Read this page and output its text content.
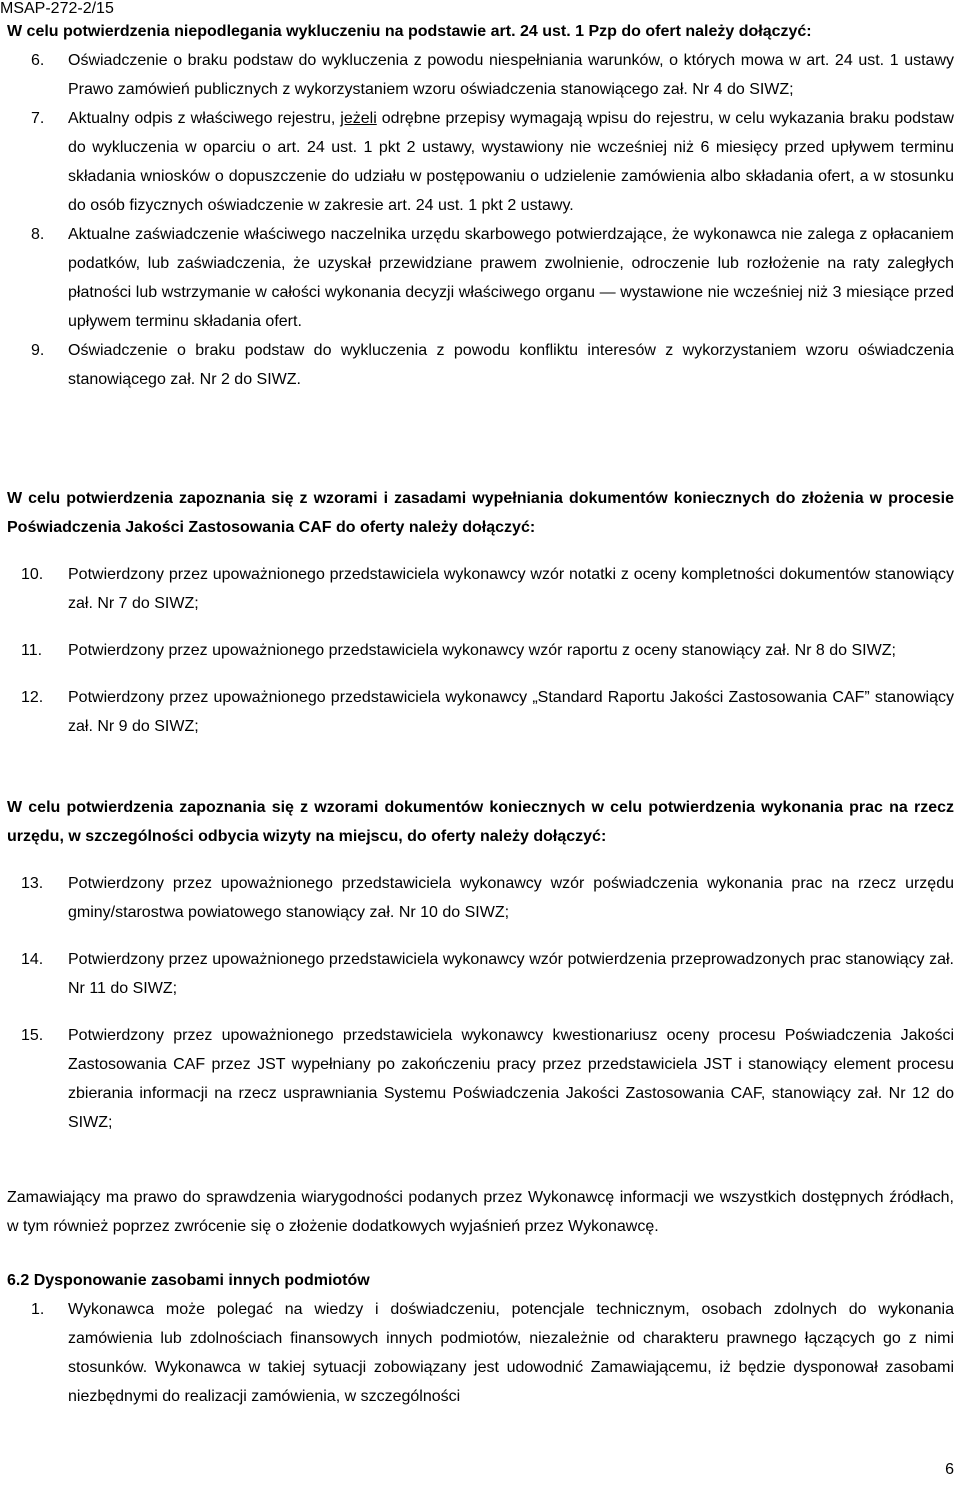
MSAP-272-2/15

W celu potwierdzenia niepodlegania wykluczeniu na podstawie art. 24 ust. 1 Pzp do ofert należy dołączyć:

6. Oświadczenie o braku podstaw do wykluczenia z powodu niespełniania warunków, o których mowa w art. 24 ust. 1 ustawy Prawo zamówień publicznych z wykorzystaniem wzoru oświadczenia stanowiącego zał. Nr 4 do SIWZ;
7. Aktualny odpis z właściwego rejestru, jeżeli odrębne przepisy wymagają wpisu do rejestru, w celu wykazania braku podstaw do wykluczenia w oparciu o art. 24 ust. 1 pkt 2 ustawy, wystawiony nie wcześniej niż 6 miesięcy przed upływem terminu składania wniosków o dopuszczenie do udziału w postępowaniu o udzielenie zamówienia albo składania ofert, a w stosunku do osób fizycznych oświadczenie w zakresie art. 24 ust. 1 pkt 2 ustawy.
8. Aktualne zaświadczenie właściwego naczelnika urzędu skarbowego potwierdzające, że wykonawca nie zalega z opłacaniem podatków, lub zaświadczenia, że uzyskał przewidziane prawem zwolnienie, odroczenie lub rozłożenie na raty zaległych płatności lub wstrzymanie w całości wykonania decyzji właściwego organu — wystawione nie wcześniej niż 3 miesiące przed upływem terminu składania ofert.
9. Oświadczenie o braku podstaw do wykluczenia z powodu konfliktu interesów z wykorzystaniem wzoru oświadczenia stanowiącego zał. Nr 2 do SIWZ.

W celu potwierdzenia zapoznania się z wzorami i zasadami wypełniania dokumentów koniecznych do złożenia w procesie Poświadczenia Jakości Zastosowania CAF do oferty należy dołączyć:

10. Potwierdzony przez upoważnionego przedstawiciela wykonawcy wzór notatki z oceny kompletności dokumentów stanowiący zał. Nr 7 do SIWZ;
11. Potwierdzony przez upoważnionego przedstawiciela wykonawcy wzór raportu z oceny stanowiący zał. Nr 8 do SIWZ;
12. Potwierdzony przez upoważnionego przedstawiciela wykonawcy „Standard Raportu Jakości Zastosowania CAF” stanowiący zał. Nr 9 do SIWZ;

W celu potwierdzenia zapoznania się z wzorami dokumentów koniecznych w celu potwierdzenia wykonania prac na rzecz urzędu, w szczególności odbycia wizyty na miejscu, do oferty należy dołączyć:

13. Potwierdzony przez upoważnionego przedstawiciela wykonawcy wzór poświadczenia wykonania prac na rzecz urzędu gminy/starostwa powiatowego stanowiący zał. Nr 10 do SIWZ;
14. Potwierdzony przez upoważnionego przedstawiciela wykonawcy wzór potwierdzenia przeprowadzonych prac stanowiący zał. Nr 11 do SIWZ;
15. Potwierdzony przez upoważnionego przedstawiciela wykonawcy kwestionariusz oceny procesu Poświadczenia Jakości Zastosowania CAF przez JST wypełniany po zakończeniu pracy przez przedstawiciela JST i stanowiący element procesu zbierania informacji na rzecz usprawniania Systemu Poświadczenia Jakości Zastosowania CAF, stanowiący zał. Nr 12 do SIWZ;

Zamawiający ma prawo do sprawdzenia wiarygodności podanych przez Wykonawcę informacji we wszystkich dostępnych źródłach, w tym również poprzez zwrócenie się o złożenie dodatkowych wyjaśnień przez Wykonawcę.

6.2 Dysponowanie zasobami innych podmiotów

1. Wykonawca może polegać na wiedzy i doświadczeniu, potencjale technicznym, osobach zdolnych do wykonania zamówienia lub zdolnościach finansowych innych podmiotów, niezależnie od charakteru prawnego łączących go z nimi stosunków. Wykonawca w takiej sytuacji zobowiązany jest udowodnić Zamawiającemu, iż będzie dysponował zasobami niezbędnymi do realizacji zamówienia, w szczególności
6
